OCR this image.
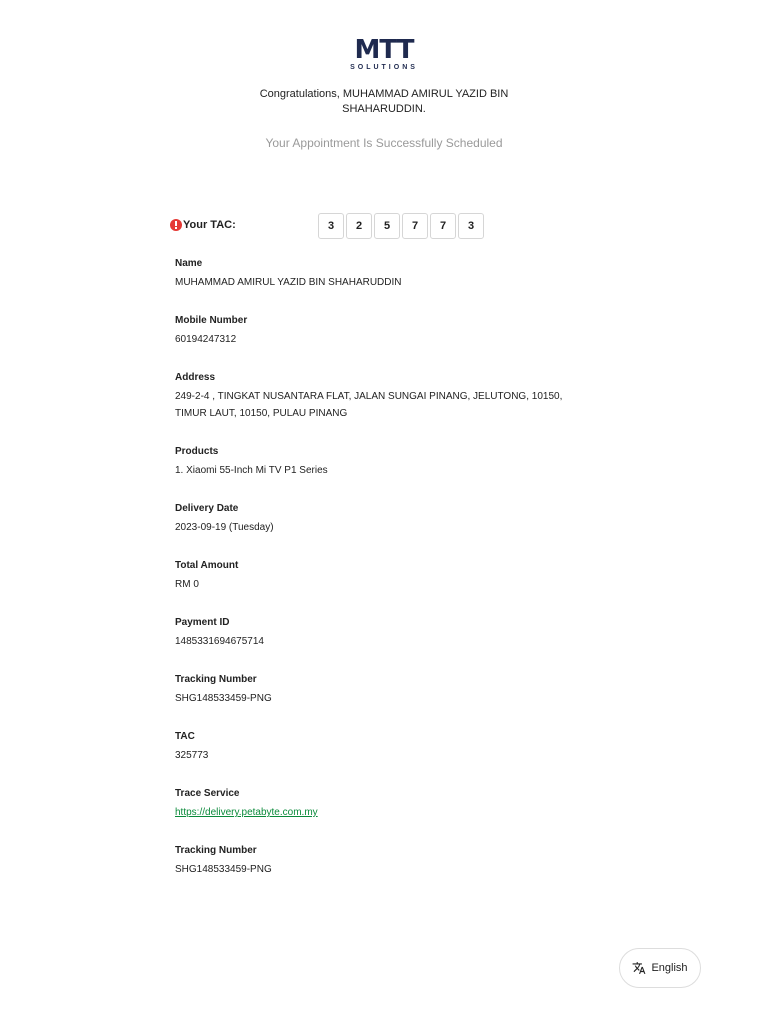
MTT
SOLUTIONS
Congratulations, MUHAMMAD AMIRUL YAZID BIN SHAHARUDDIN.
Your Appointment Is Successfully Scheduled
Your TAC:	3	2	5	7	7	3
Name
MUHAMMAD AMIRUL YAZID BIN SHAHARUDDIN
Mobile Number
60194247312
Address
249-2-4 , TINGKAT NUSANTARA FLAT, JALAN SUNGAI PINANG, JELUTONG, 10150, TIMUR LAUT, 10150, PULAU PINANG
Products
1. Xiaomi 55-Inch Mi TV P1 Series
Delivery Date
2023-09-19 (Tuesday)
Total Amount
RM 0
Payment ID
1485331694675714
Tracking Number
SHG148533459-PNG
TAC
325773
Trace Service
https://delivery.petabyte.com.my
Tracking Number
SHG148533459-PNG
English
